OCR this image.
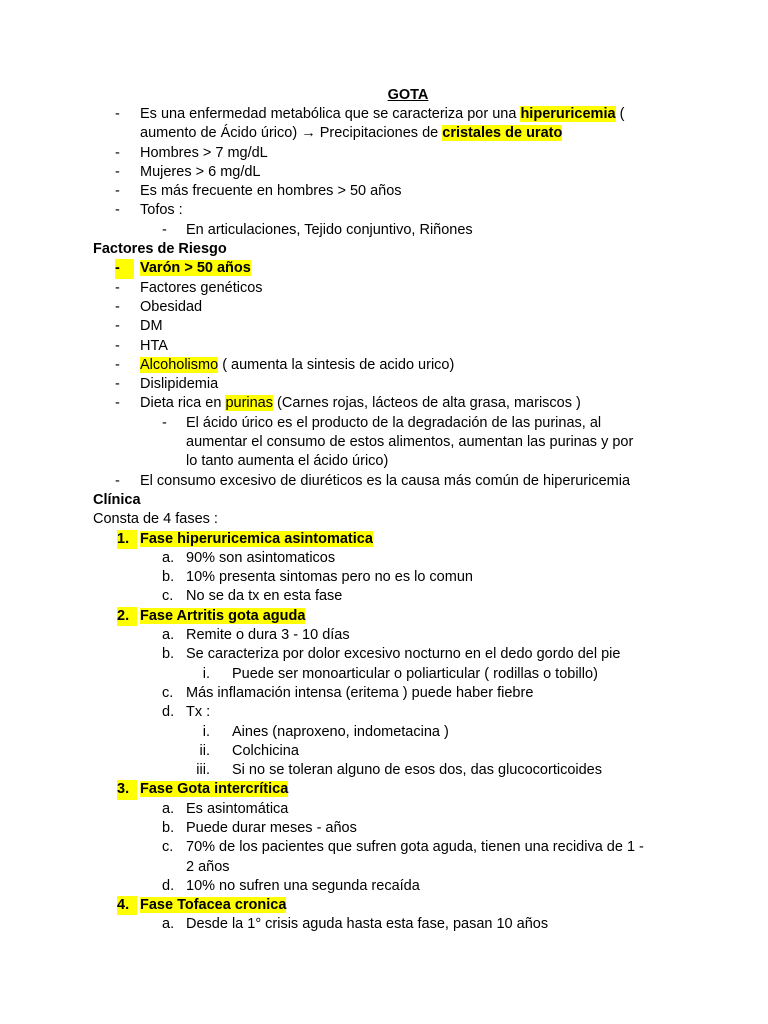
GOTA
- Es una enfermedad metabólica que se caracteriza por una hiperuricemia (
aumento de Ácido úrico) → Precipitaciones de cristales de urato
- Hombres > 7 mg/dL
- Mujeres > 6 mg/dL
- Es más frecuente en hombres > 50 años
- Tofos :
- En articulaciones, Tejido conjuntivo, Riñones
Factores de Riesgo
-	Varón > 50 años
- Factores genéticos
- Obesidad
- DM
- HTA
- Alcoholismo ( aumenta la sintesis de acido urico)
- Dislipidemia
- Dieta rica en purinas (Carnes rojas, lácteos de alta grasa, mariscos )
- El ácido úrico es el producto de la degradación de las purinas, al
aumentar el consumo de estos alimentos, aumentan las purinas y por
lo tanto aumenta el ácido úrico)
- El consumo excesivo de diuréticos es la causa más común de hiperuricemia
Clínica
Consta de 4 fases :
1. Fase hiperuricemica asintomatica
a. 90% son asintomaticos
b. 10% presenta sintomas pero no es lo comun
c. No se da tx en esta fase
2. Fase Artritis gota aguda
a. Remite o dura 3 - 10 días
b. Se caracteriza por dolor excesivo nocturno en el dedo gordo del pie
i. Puede ser monoarticular o poliarticular ( rodillas o tobillo)
c. Más inflamación intensa (eritema ) puede haber fiebre
d. Tx :
i. Aines (naproxeno, indometacina )
ii. Colchicina
iii. Si no se toleran alguno de esos dos, das glucocorticoides
3. Fase Gota intercrítica
a. Es asintomática
b. Puede durar meses - años
c. 70% de los pacientes que sufren gota aguda, tienen una recidiva de 1 -
2 años
d. 10% no sufren una segunda recaída
4. Fase Tofacea cronica
a. Desde la 1° crisis aguda hasta esta fase, pasan 10 años
